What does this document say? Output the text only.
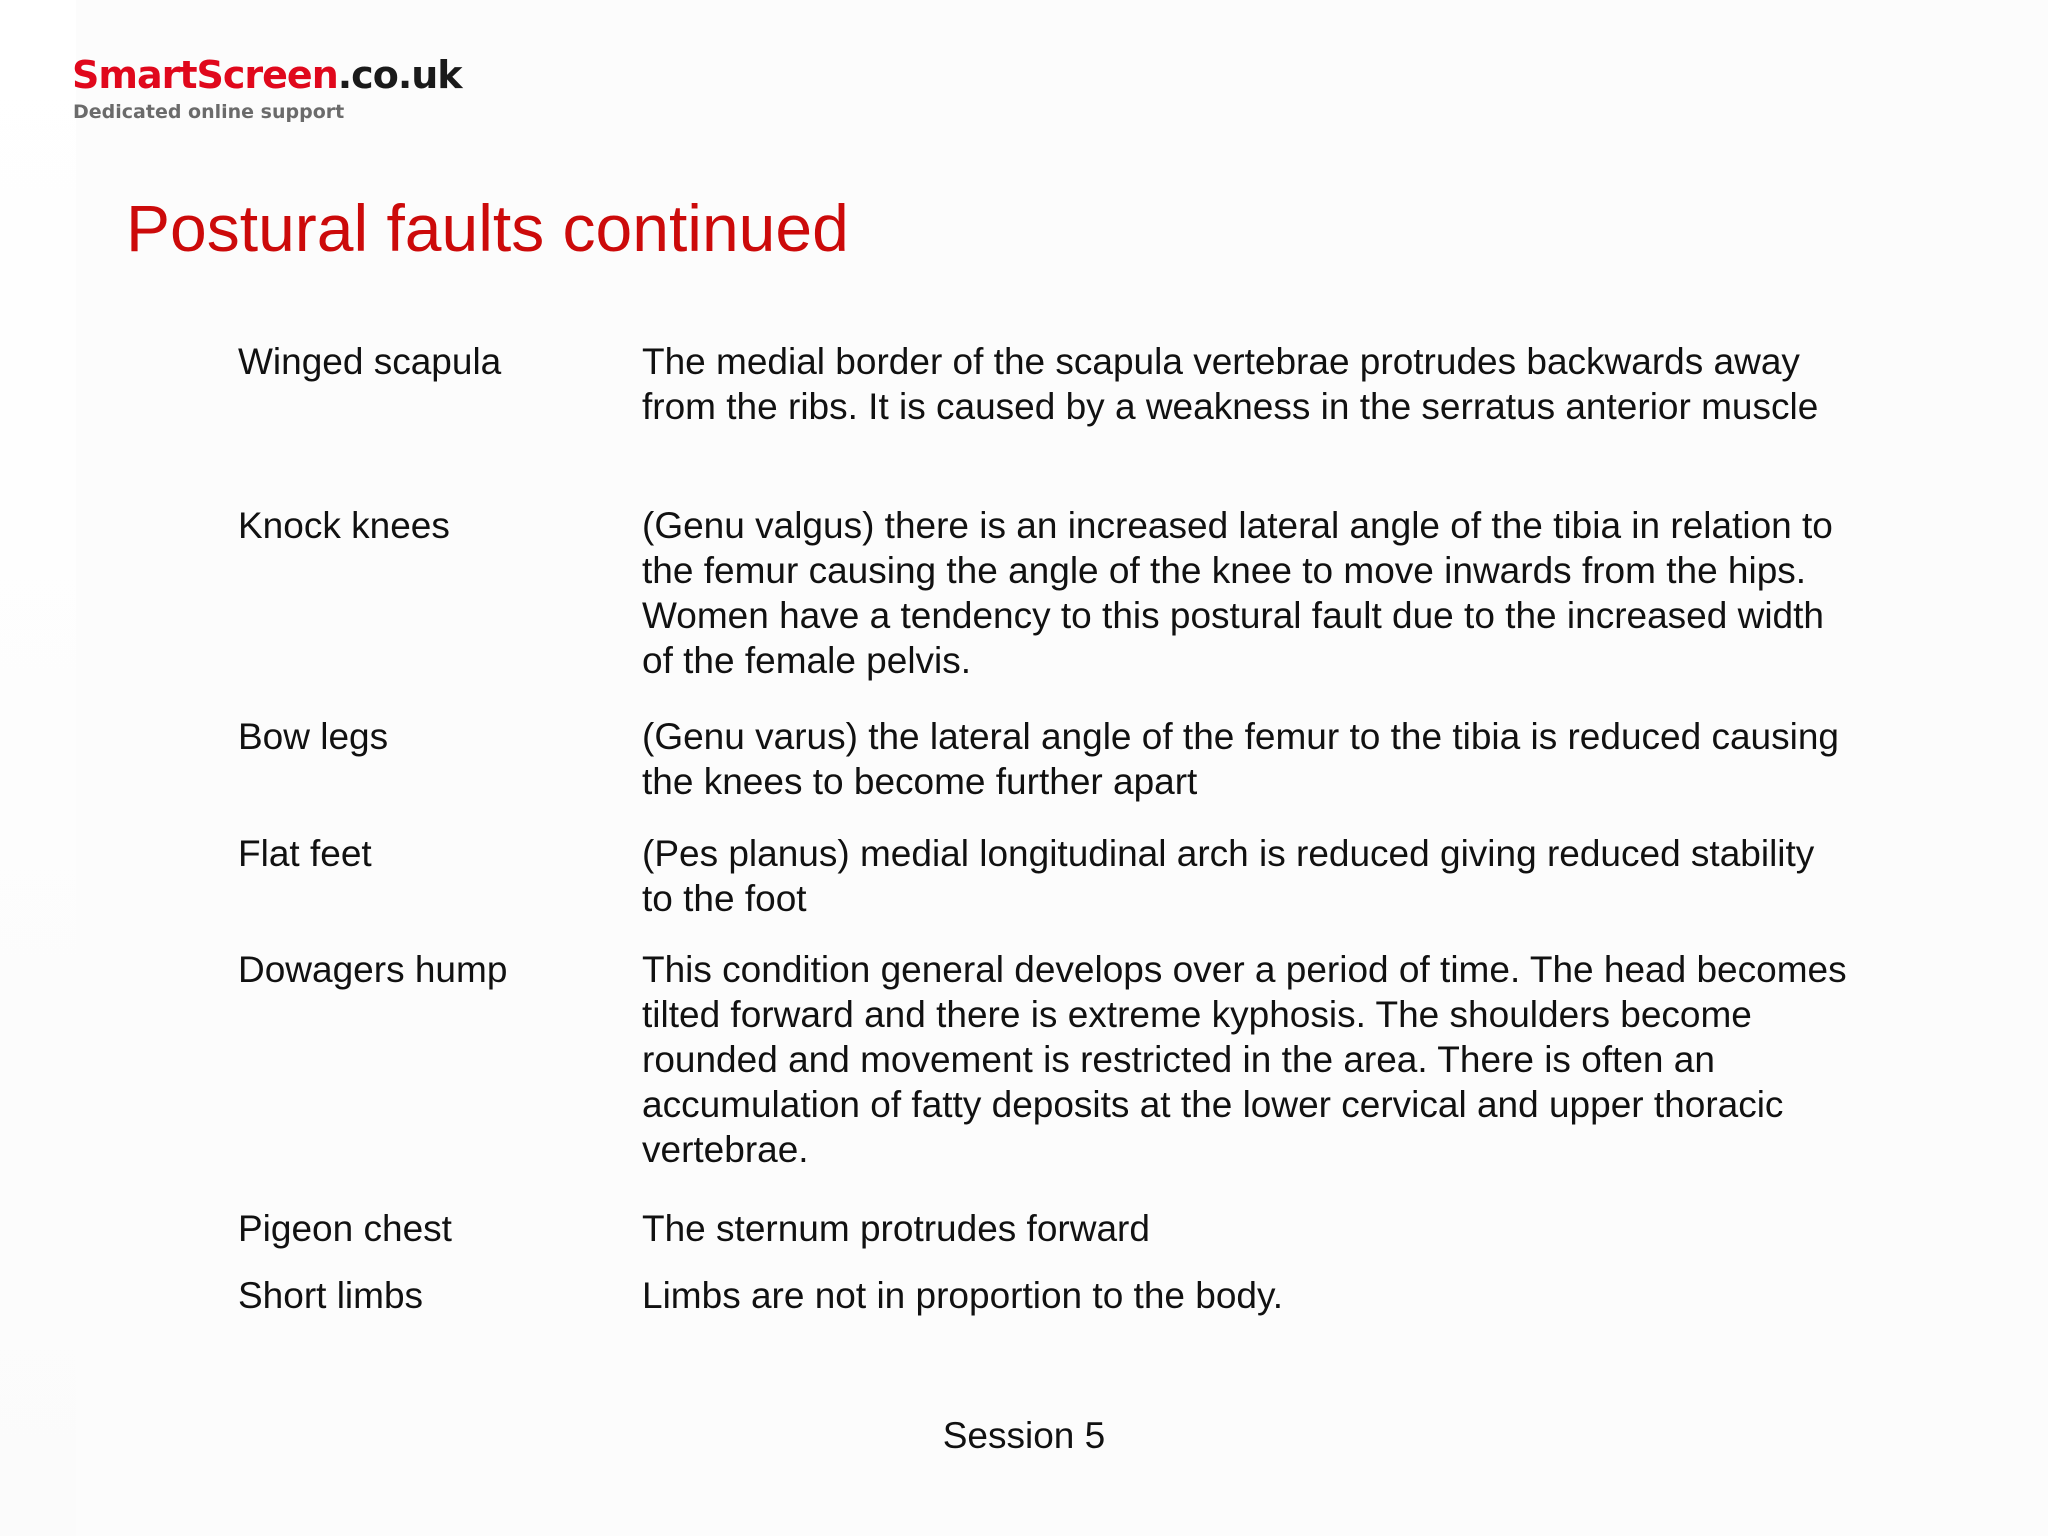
SmartScreen.co.uk
Dedicated online support
Postural faults continued
Winged scapula	The medial border of the scapula vertebrae protrudes backwards away from the ribs. It is caused by a weakness in the serratus anterior muscle
Knock knees	(Genu valgus) there is an increased lateral angle of the tibia in relation to the femur causing the angle of the knee to move inwards from the hips. Women have a tendency to this postural fault due to the increased width of the female pelvis.
Bow legs	(Genu varus) the lateral angle of the femur to the tibia is reduced causing the knees to become further apart
Flat feet	(Pes planus) medial longitudinal arch is reduced giving reduced stability to the foot
Dowagers hump	This condition general develops over a period of time. The head becomes tilted forward and there is extreme kyphosis. The shoulders become rounded and movement is restricted in the area. There is often an accumulation of fatty deposits at the lower cervical and upper thoracic vertebrae.
Pigeon chest	The sternum protrudes forward
Short limbs	Limbs are not in proportion to the body.
Session 5
